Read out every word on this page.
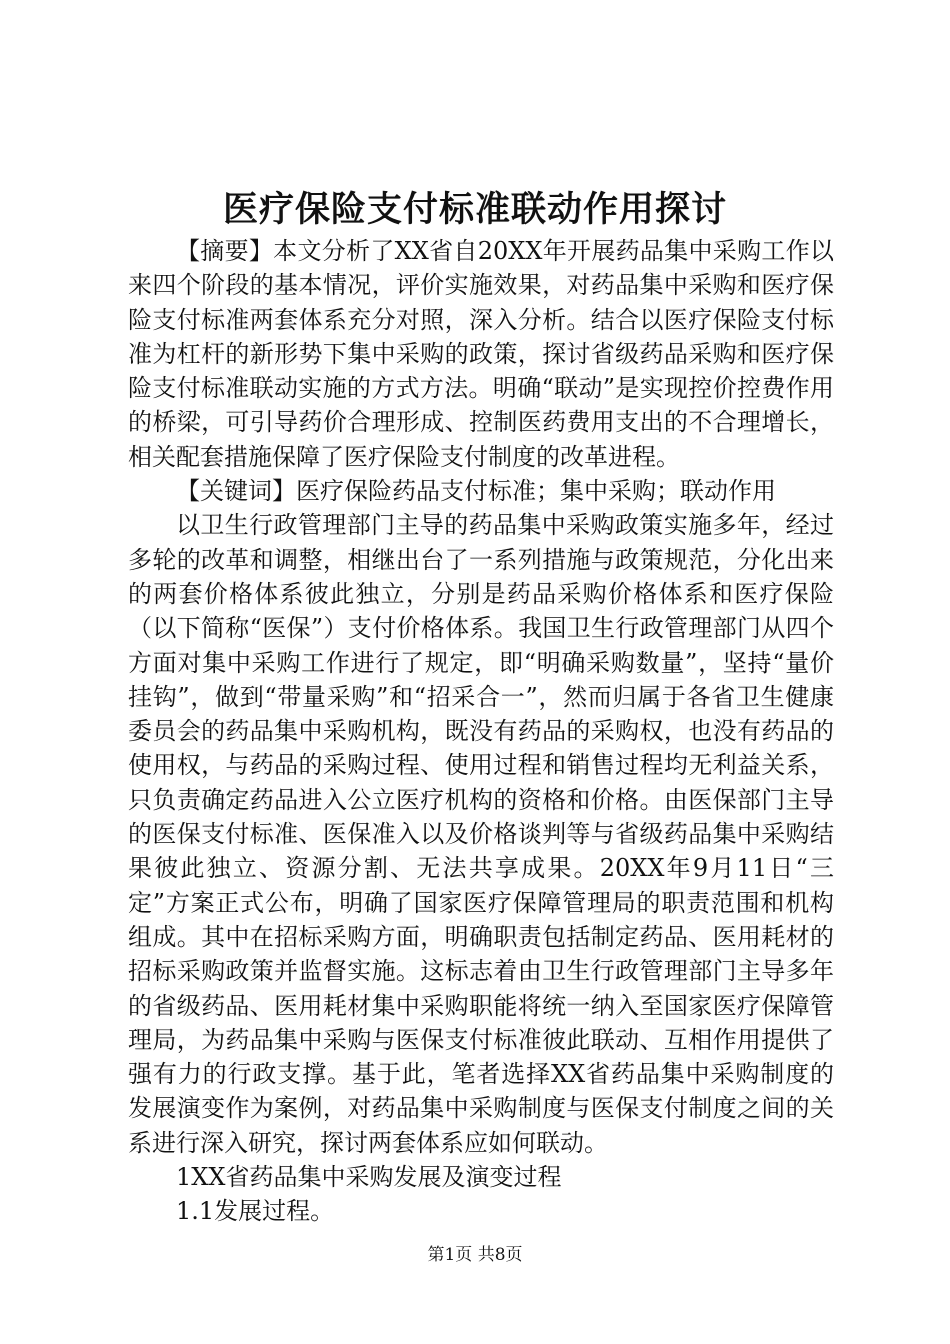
医疗保险支付标准联动作用探讨

【摘要】本文分析了XX省自20XX年开展药品集中采购工作以来四个阶段的基本情况，评价实施效果，对药品集中采购和医疗保险支付标准两套体系充分对照，深入分析。结合以医疗保险支付标准为杠杆的新形势下集中采购的政策，探讨省级药品采购和医疗保险支付标准联动实施的方式方法。明确“联动”是实现控价控费作用的桥梁，可引导药价合理形成、控制医药费用支出的不合理增长，相关配套措施保障了医疗保险支付制度的改革进程。

【关键词】医疗保险药品支付标准；集中采购；联动作用

以卫生行政管理部门主导的药品集中采购政策实施多年，经过多轮的改革和调整，相继出台了一系列措施与政策规范，分化出来的两套价格体系彼此独立，分别是药品采购价格体系和医疗保险（以下简称“医保”）支付价格体系。我国卫生行政管理部门从四个方面对集中采购工作进行了规定，即“明确采购数量”，坚持“量价挂钩”，做到“带量采购”和“招采合一”，然而归属于各省卫生健康委员会的药品集中采购机构，既没有药品的采购权，也没有药品的使用权，与药品的采购过程、使用过程和销售过程均无利益关系，只负责确定药品进入公立医疗机构的资格和价格。由医保部门主导的医保支付标准、医保准入以及价格谈判等与省级药品集中采购结果彼此独立、资源分割、无法共享成果。20XX年9月11日“三定”方案正式公布，明确了国家医疗保障管理局的职责范围和机构组成。其中在招标采购方面，明确职责包括制定药品、医用耗材的招标采购政策并监督实施。这标志着由卫生行政管理部门主导多年的省级药品、医用耗材集中采购职能将统一纳入至国家医疗保障管理局，为药品集中采购与医保支付标准彼此联动、互相作用提供了强有力的行政支撑。基于此，笔者选择XX省药品集中采购制度的发展演变作为案例，对药品集中采购制度与医保支付制度之间的关系进行深入研究，探讨两套体系应如何联动。

1XX省药品集中采购发展及演变过程

1.1发展过程。

第1页 共8页
